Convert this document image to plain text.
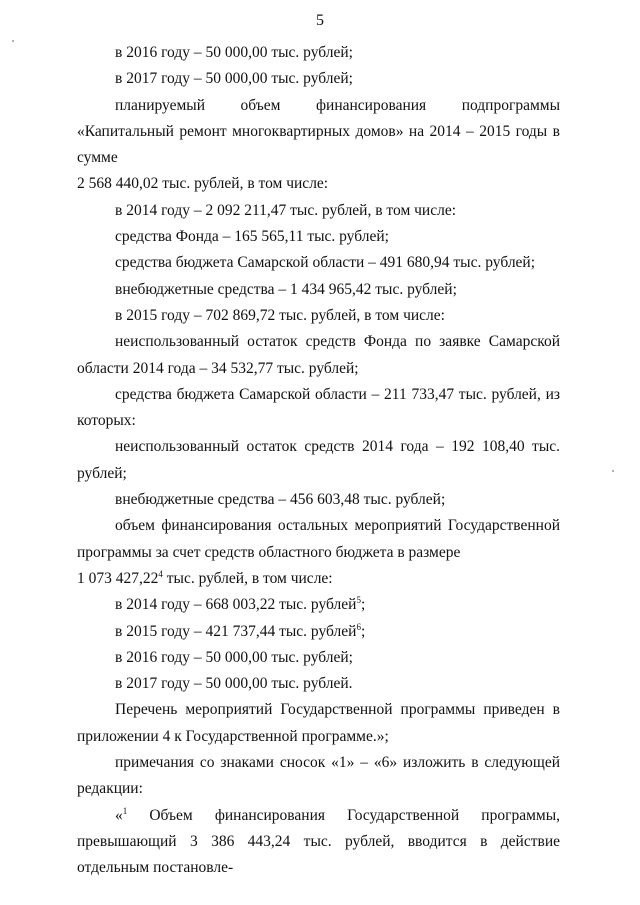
5

в 2016 году – 50 000,00 тыс. рублей;

в 2017 году – 50 000,00 тыс. рублей;

планируемый объем финансирования подпрограммы «Капитальный ремонт многоквартирных домов» на 2014 – 2015 годы в сумме

2 568 440,02 тыс. рублей, в том числе:

в 2014 году – 2 092 211,47 тыс. рублей, в том числе:

средства Фонда – 165 565,11 тыс. рублей;

средства бюджета Самарской области – 491 680,94 тыс. рублей;

внебюджетные средства – 1 434 965,42 тыс. рублей;

в 2015 году – 702 869,72 тыс. рублей, в том числе:

неиспользованный остаток средств Фонда по заявке Самарской области 2014 года – 34 532,77 тыс. рублей;

средства бюджета Самарской области – 211 733,47 тыс. рублей, из которых:

неиспользованный остаток средств 2014 года – 192 108,40 тыс. рублей;

внебюджетные средства – 456 603,48 тыс. рублей;

объем финансирования остальных мероприятий Государственной программы за счет средств областного бюджета в размере

1 073 427,22$^4$ тыс. рублей, в том числе:

в 2014 году – 668 003,22 тыс. рублей$^5$;

в 2015 году – 421 737,44 тыс. рублей$^6$;

в 2016 году – 50 000,00 тыс. рублей;

в 2017 году – 50 000,00 тыс. рублей.

Перечень мероприятий Государственной программы приведен в приложении 4 к Государственной программе.»;

примечания со знаками сносок «1» – «6» изложить в следующей редакции:

«$^1$ Объем финансирования Государственной программы, превышающий 3 386 443,24 тыс. рублей, вводится в действие отдельным постановле-
